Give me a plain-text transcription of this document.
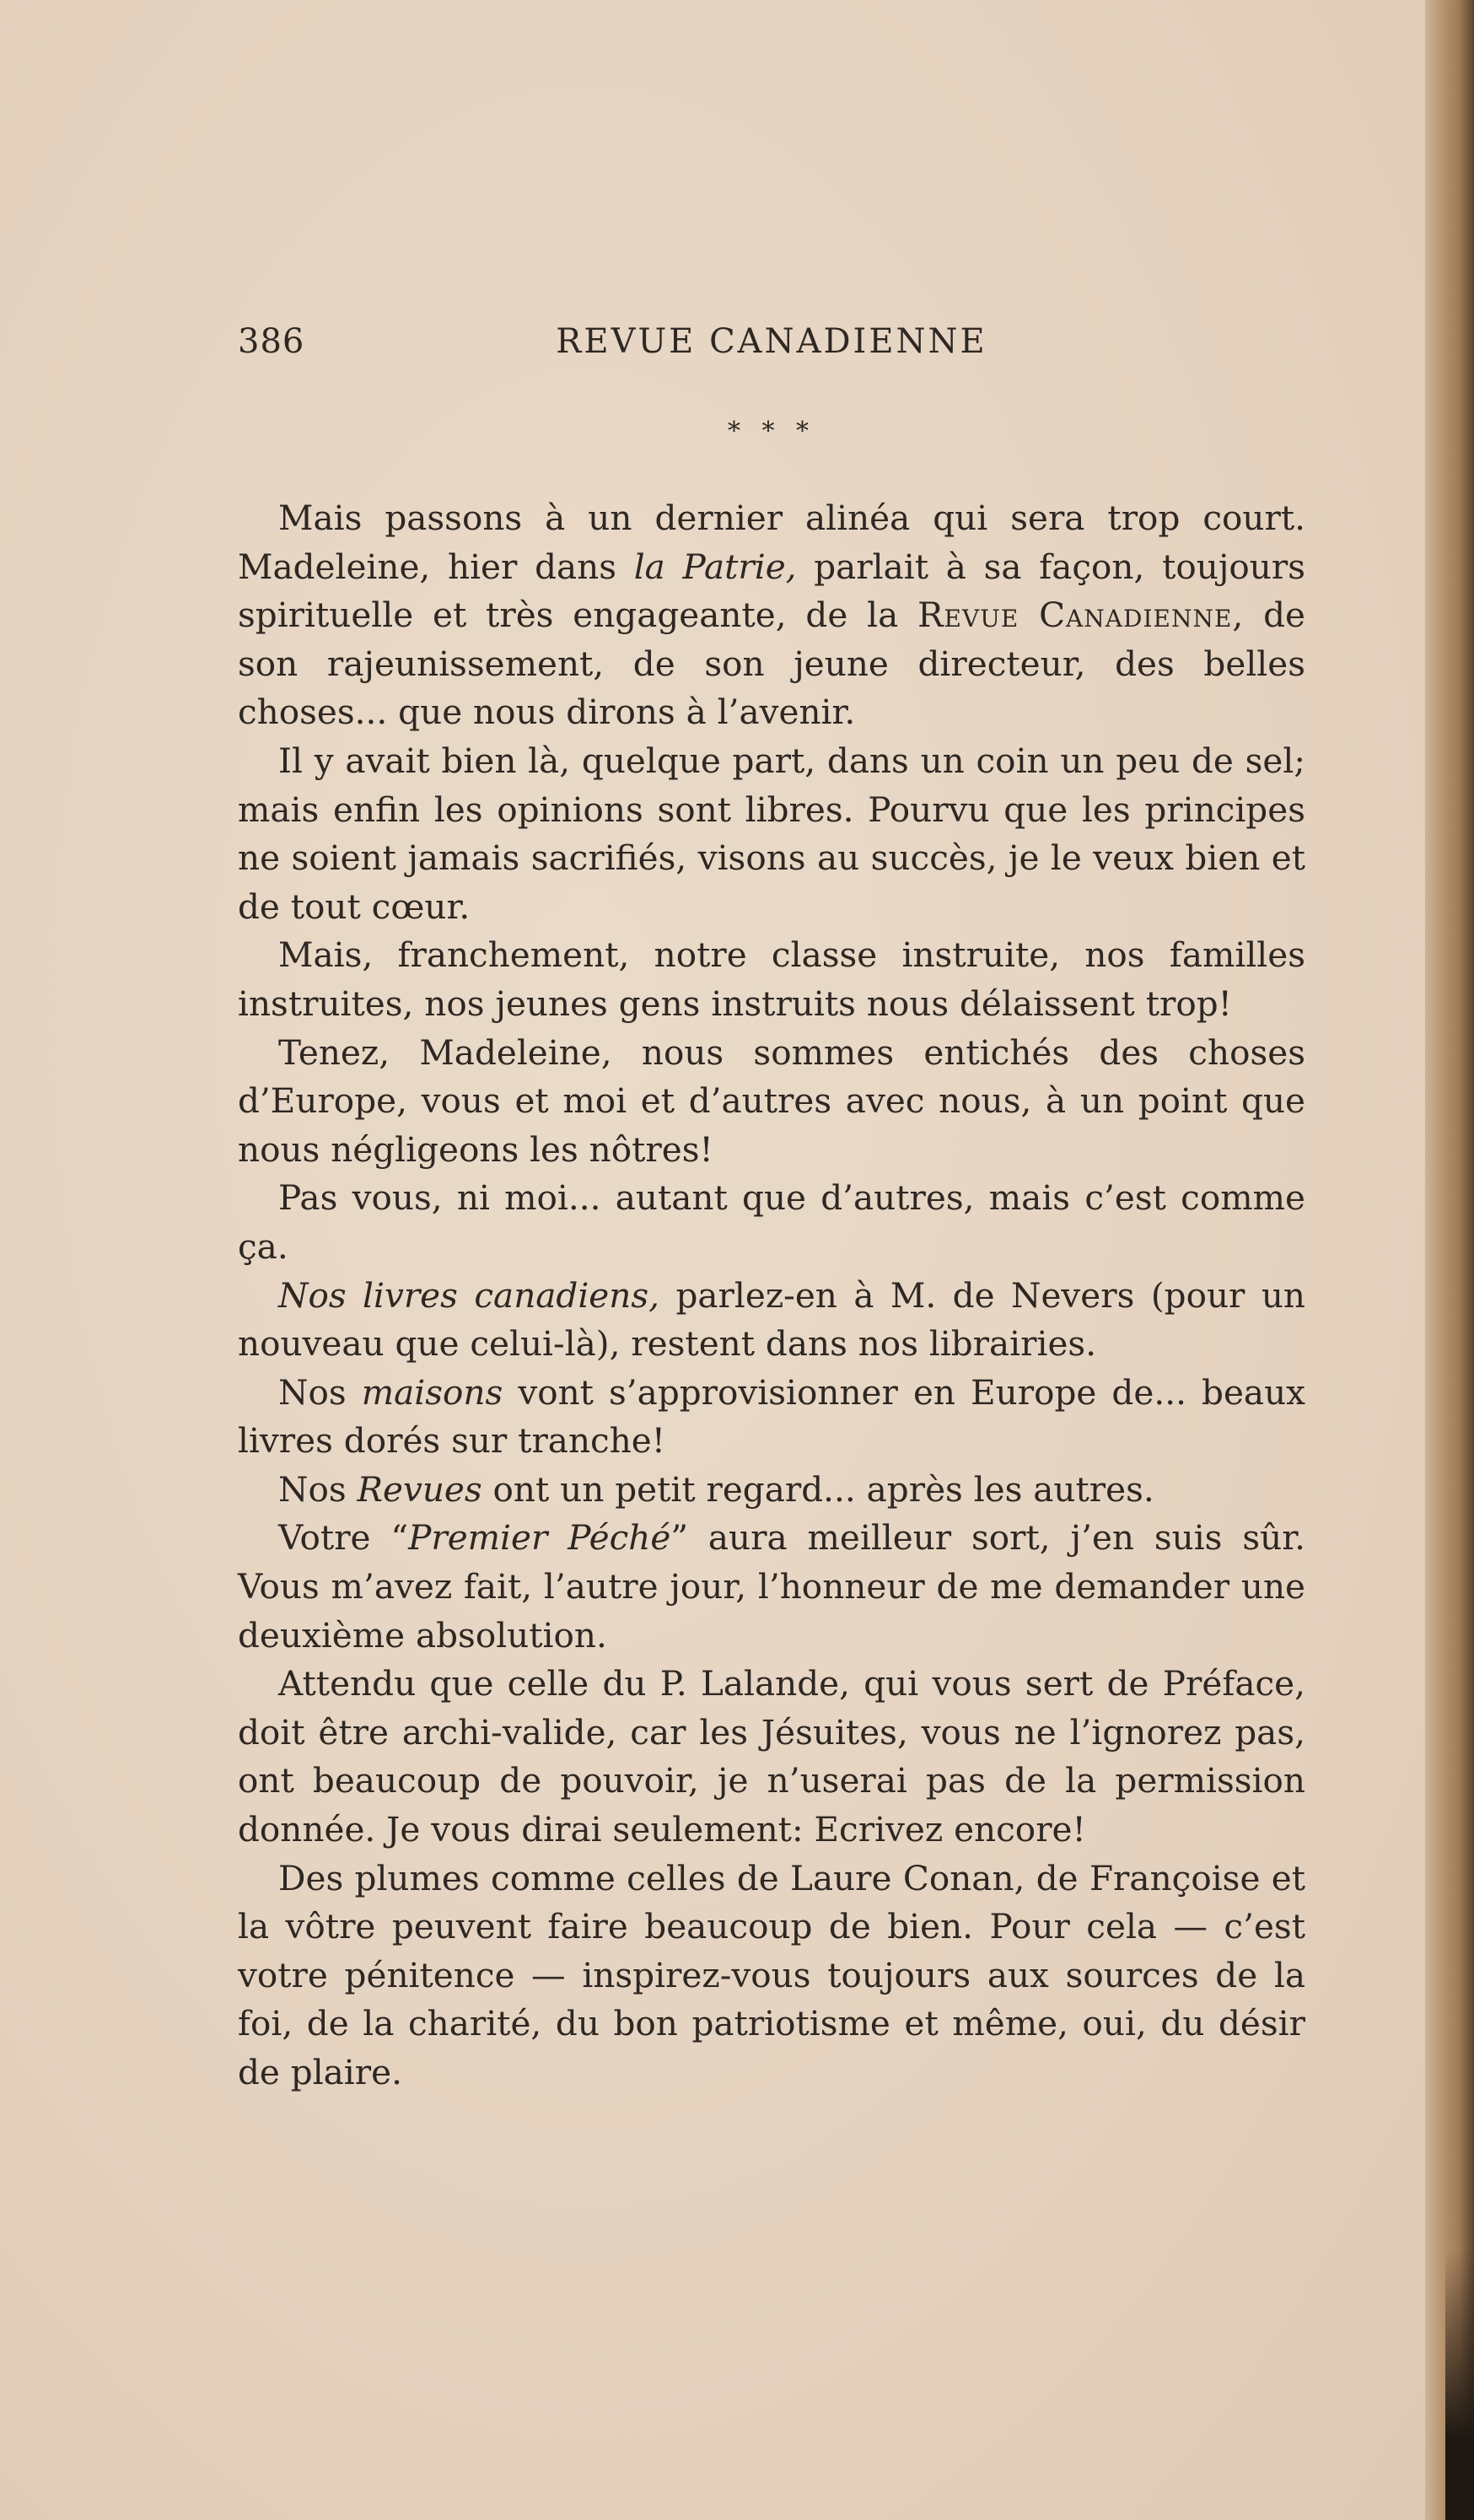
386	REVUE CANADIENNE
* * *

Mais passons à un dernier alinéa qui sera trop court. Madeleine, hier dans la Patrie, parlait à sa façon, toujours spirituelle et très engageante, de la Revue Canadienne, de son rajeunissement, de son jeune directeur, des belles choses... que nous dirons à l’avenir.

Il y avait bien là, quelque part, dans un coin un peu de sel; mais enfin les opinions sont libres. Pourvu que les principes ne soient jamais sacrifiés, visons au succès, je le veux bien et de tout cœur.

Mais, franchement, notre classe instruite, nos familles instruites, nos jeunes gens instruits nous délaissent trop!

Tenez, Madeleine, nous sommes entichés des choses d’Europe, vous et moi et d’autres avec nous, à un point que nous négligeons les nôtres!

Pas vous, ni moi... autant que d’autres, mais c’est comme ça.

Nos livres canadiens, parlez-en à M. de Nevers (pour un nouveau que celui-là), restent dans nos librairies.

Nos maisons vont s’approvisionner en Europe de... beaux livres dorés sur tranche!

Nos Revues ont un petit regard... après les autres.

Votre “Premier Péché” aura meilleur sort, j’en suis sûr. Vous m’avez fait, l’autre jour, l’honneur de me demander une deuxième absolution.

Attendu que celle du P. Lalande, qui vous sert de Préface, doit être archi-valide, car les Jésuites, vous ne l’ignorez pas, ont beaucoup de pouvoir, je n’userai pas de la permission donnée. Je vous dirai seulement: Ecrivez encore!

Des plumes comme celles de Laure Conan, de Françoise et la vôtre peuvent faire beaucoup de bien. Pour cela — c’est votre pénitence — inspirez-vous toujours aux sources de la foi, de la charité, du bon patriotisme et même, oui, du désir de plaire.
